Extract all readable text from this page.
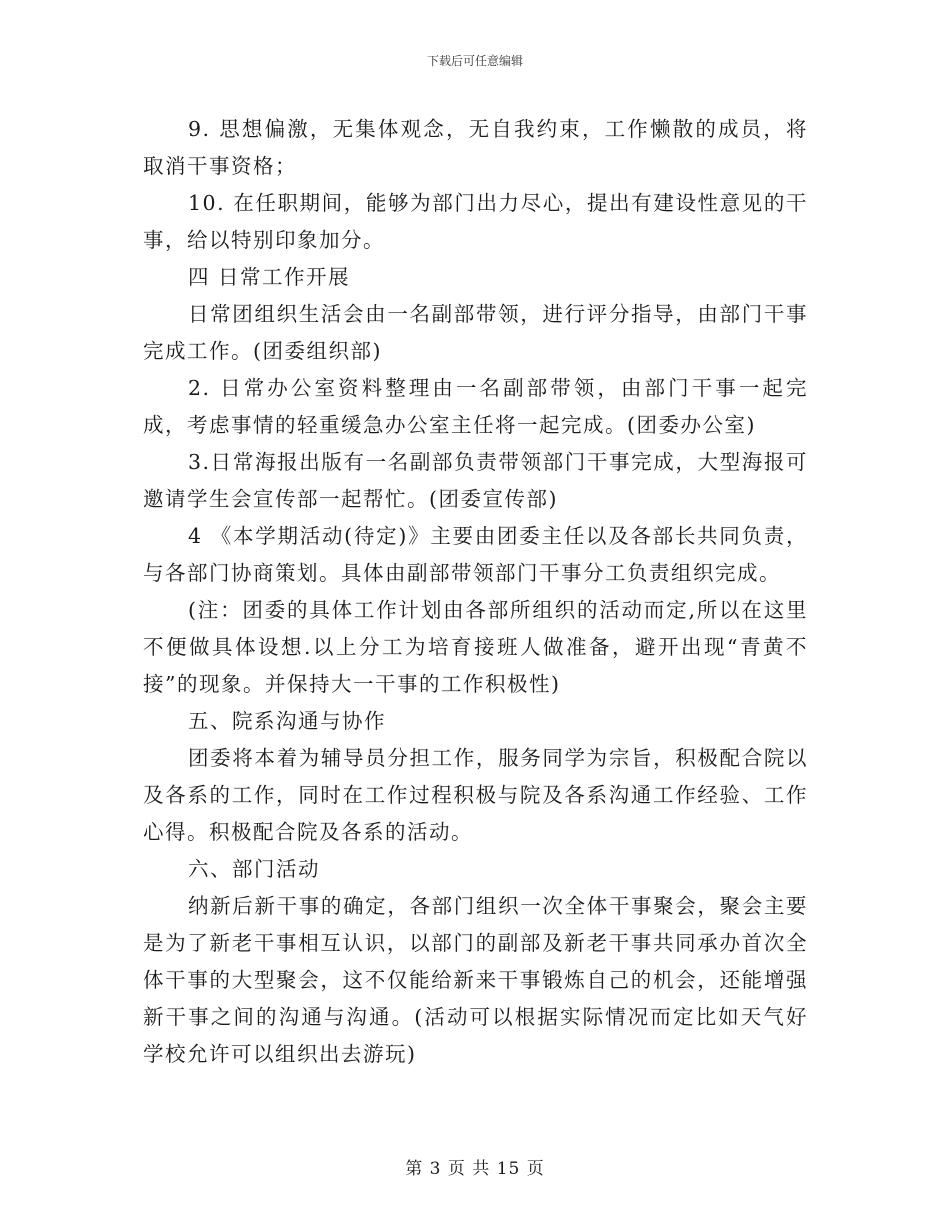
下载后可任意编辑

9. 思想偏激，无集体观念，无自我约束，工作懒散的成员，将取消干事资格；

10. 在任职期间，能够为部门出力尽心，提出有建设性意见的干事，给以特别印象加分。

四 日常工作开展

日常团组织生活会由一名副部带领，进行评分指导，由部门干事完成工作。(团委组织部)

2. 日常办公室资料整理由一名副部带领，由部门干事一起完成，考虑事情的轻重缓急办公室主任将一起完成。(团委办公室)

3.日常海报出版有一名副部负责带领部门干事完成，大型海报可邀请学生会宣传部一起帮忙。(团委宣传部)

4 《本学期活动(待定)》主要由团委主任以及各部长共同负责，与各部门协商策划。具体由副部带领部门干事分工负责组织完成。

(注：团委的具体工作计划由各部所组织的活动而定,所以在这里不便做具体设想.以上分工为培育接班人做准备，避开出现“青黄不接”的现象。并保持大一干事的工作积极性)

五、院系沟通与协作

团委将本着为辅导员分担工作，服务同学为宗旨，积极配合院以及各系的工作，同时在工作过程积极与院及各系沟通工作经验、工作心得。积极配合院及各系的活动。

六、部门活动

纳新后新干事的确定，各部门组织一次全体干事聚会，聚会主要是为了新老干事相互认识，以部门的副部及新老干事共同承办首次全体干事的大型聚会，这不仅能给新来干事锻炼自己的机会，还能增强新干事之间的沟通与沟通。(活动可以根据实际情况而定比如天气好学校允许可以组织出去游玩)

第 3 页 共 15 页
